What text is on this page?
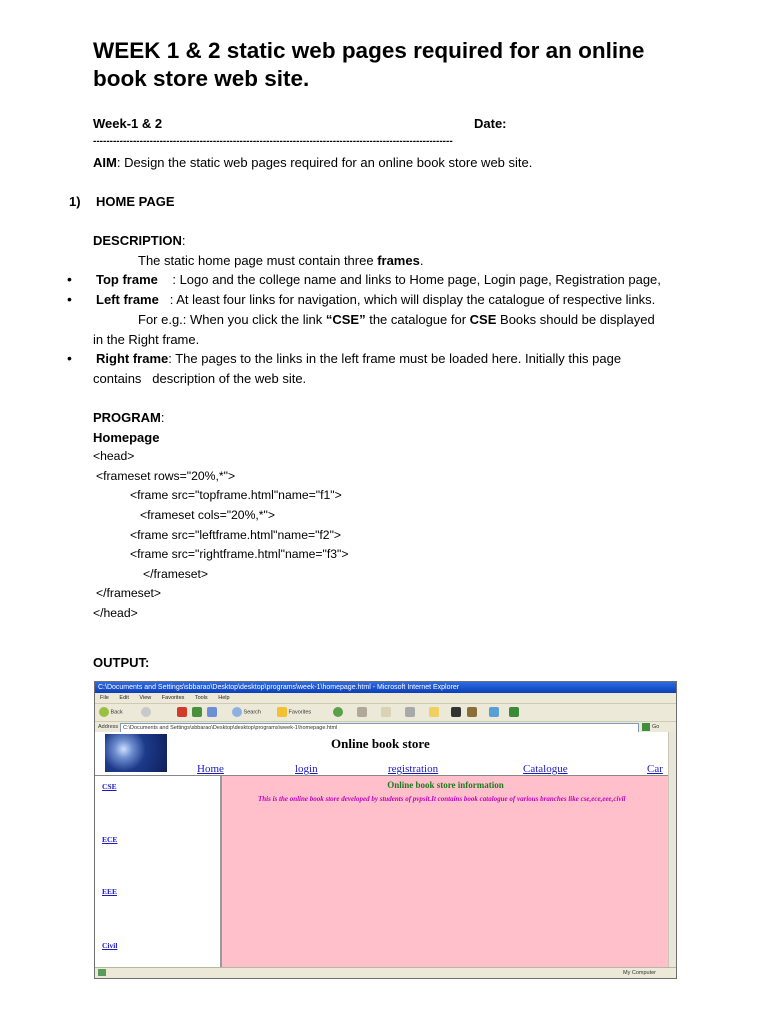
WEEK 1 & 2 static web pages required for an online book store web site.
Week-1 & 2	Date:
------------------------------------------------------------------------------------------------------------
AIM: Design the static web pages required for an online book store web site.
1) HOME PAGE
DESCRIPTION:
The static home page must contain three frames.
• Top frame : Logo and the college name and links to Home page, Login page, Registration page,
• Left frame : At least four links for navigation, which will display the catalogue of respective links.
For e.g.: When you click the link “CSE” the catalogue for CSE Books should be displayed
in the Right frame.
• Right frame: The pages to the links in the left frame must be loaded here. Initially this page
contains   description of the web site.
PROGRAM:
Homepage
<head>
<frameset rows="20%,*">
<frame src="topframe.html"name="f1">
<frameset cols="20%,*">
<frame src="leftframe.html"name="f2">
<frame src="rightframe.html"name="f3">
</frameset>
</frameset>
</head>
OUTPUT:
C:\Documents and Settings\sbbarao\Desktop\desktop\programs\week-1\homepage.html - Microsoft Internet Explorer
File Edit View Favorites Tools Help
Back	Search	Favorites
Address C:\Documents and Settings\sbbarao\Desktop\desktop\programs\week-1\homepage.html	Go
Online book store
Home	login	registration	Catalogue	Car
CSE
ECE
EEE
Civil
Online book store information
This is the online book store developed by students of pvpsit.It contains book catalogue of various branches like cse,ece,eee,civil
My Computer
